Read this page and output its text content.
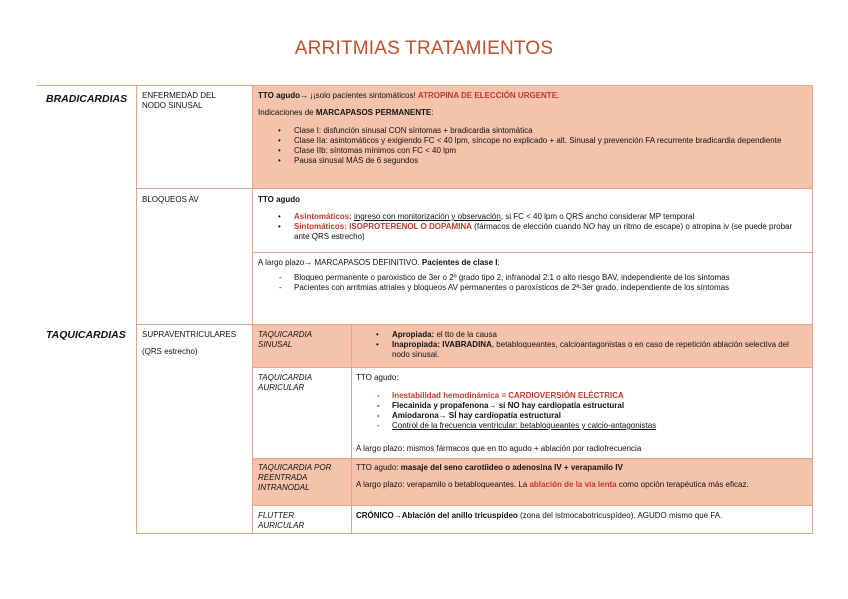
ARRITMIAS TRATAMIENTOS
BRADICARDIAS
TAQUICARDIAS
ENFERMEDAD DEL
NODO SINUSAL
TTO agudo→ ¡¡solo pacientes sintomáticos! ATROPINA DE ELECCIÓN URGENTE.
Indicaciones de MARCAPASOS PERMANENTE:
• Clase I: disfunción sinusal CON síntomas + bradicardia sintomática
• Clase IIa: asintomáticos y exigiendo FC < 40 lpm, síncope no explicado + alt. Sinusal y prevención FA recurrente bradicardia dependiente
• Clase IIb: síntomas mínimos con FC < 40 lpm
• Pausa sinusal MÁS de 6 segundos
BLOQUEOS AV	TTO agudo
• Asintomáticos: ingreso con monitorización y observación, si FC < 40 lpm o QRS ancho considerar MP temporal
• Sintomáticos: ISOPROTERENOL O DOPAMINA (fármacos de elección cuando NO hay un ritmo de escape) o atropina iv (se puede probar ante QRS estrecho)
A largo plazo→ MARCAPASOS DEFINITIVO. Pacientes de clase I:
- Bloqueo permanente o paroxistico de 3er o 2º grado tipo 2, infranodal 2:1 o alto riesgo BAV, independiente de los síntomas
- Pacientes con arritmias atriales y bloqueos AV permanentes o paroxísticos de 2ª-3er grado, independiente de los síntomas
SUPRAVENTRICULARES
(QRS estrecho)
TAQUICARDIA
SINUSAL
• Apropiada: el tto de la causa
• Inapropiada: IVABRADINA, betabloqueantes, calcioantagonistas o en caso de repetición ablación selectiva del nodo sinusal.
TAQUICARDIA
AURICULAR
TTO agudo:
- Inestabilidad hemodinámica = CARDIOVERSIÓN ELÉCTRICA
- Flecainida y propafenona→ si NO hay cardiopatía estructural
- Amiodarona→ SÍ hay cardiopatía estructural
- Control de la frecuencia ventricular: betabloqueantes y calcio-antagonistas
A largo plazo: mismos fármacos que en tto agudo + ablación por radiofrecuencia
TAQUICARDIA POR
REENTRADA
INTRANODAL
TTO agudo: masaje del seno carotíideo o adenosina IV + verapamilo IV
A largo plazo: verapamilo o betabloqueantes. La ablación de la vía lenta como opción terapéutica más eficaz.
FLUTTER
AURICULAR
CRÓNICO→Ablación del anillo tricuspídeo (zona del istmocabotricuspídeo). AGUDO mismo que FA.
